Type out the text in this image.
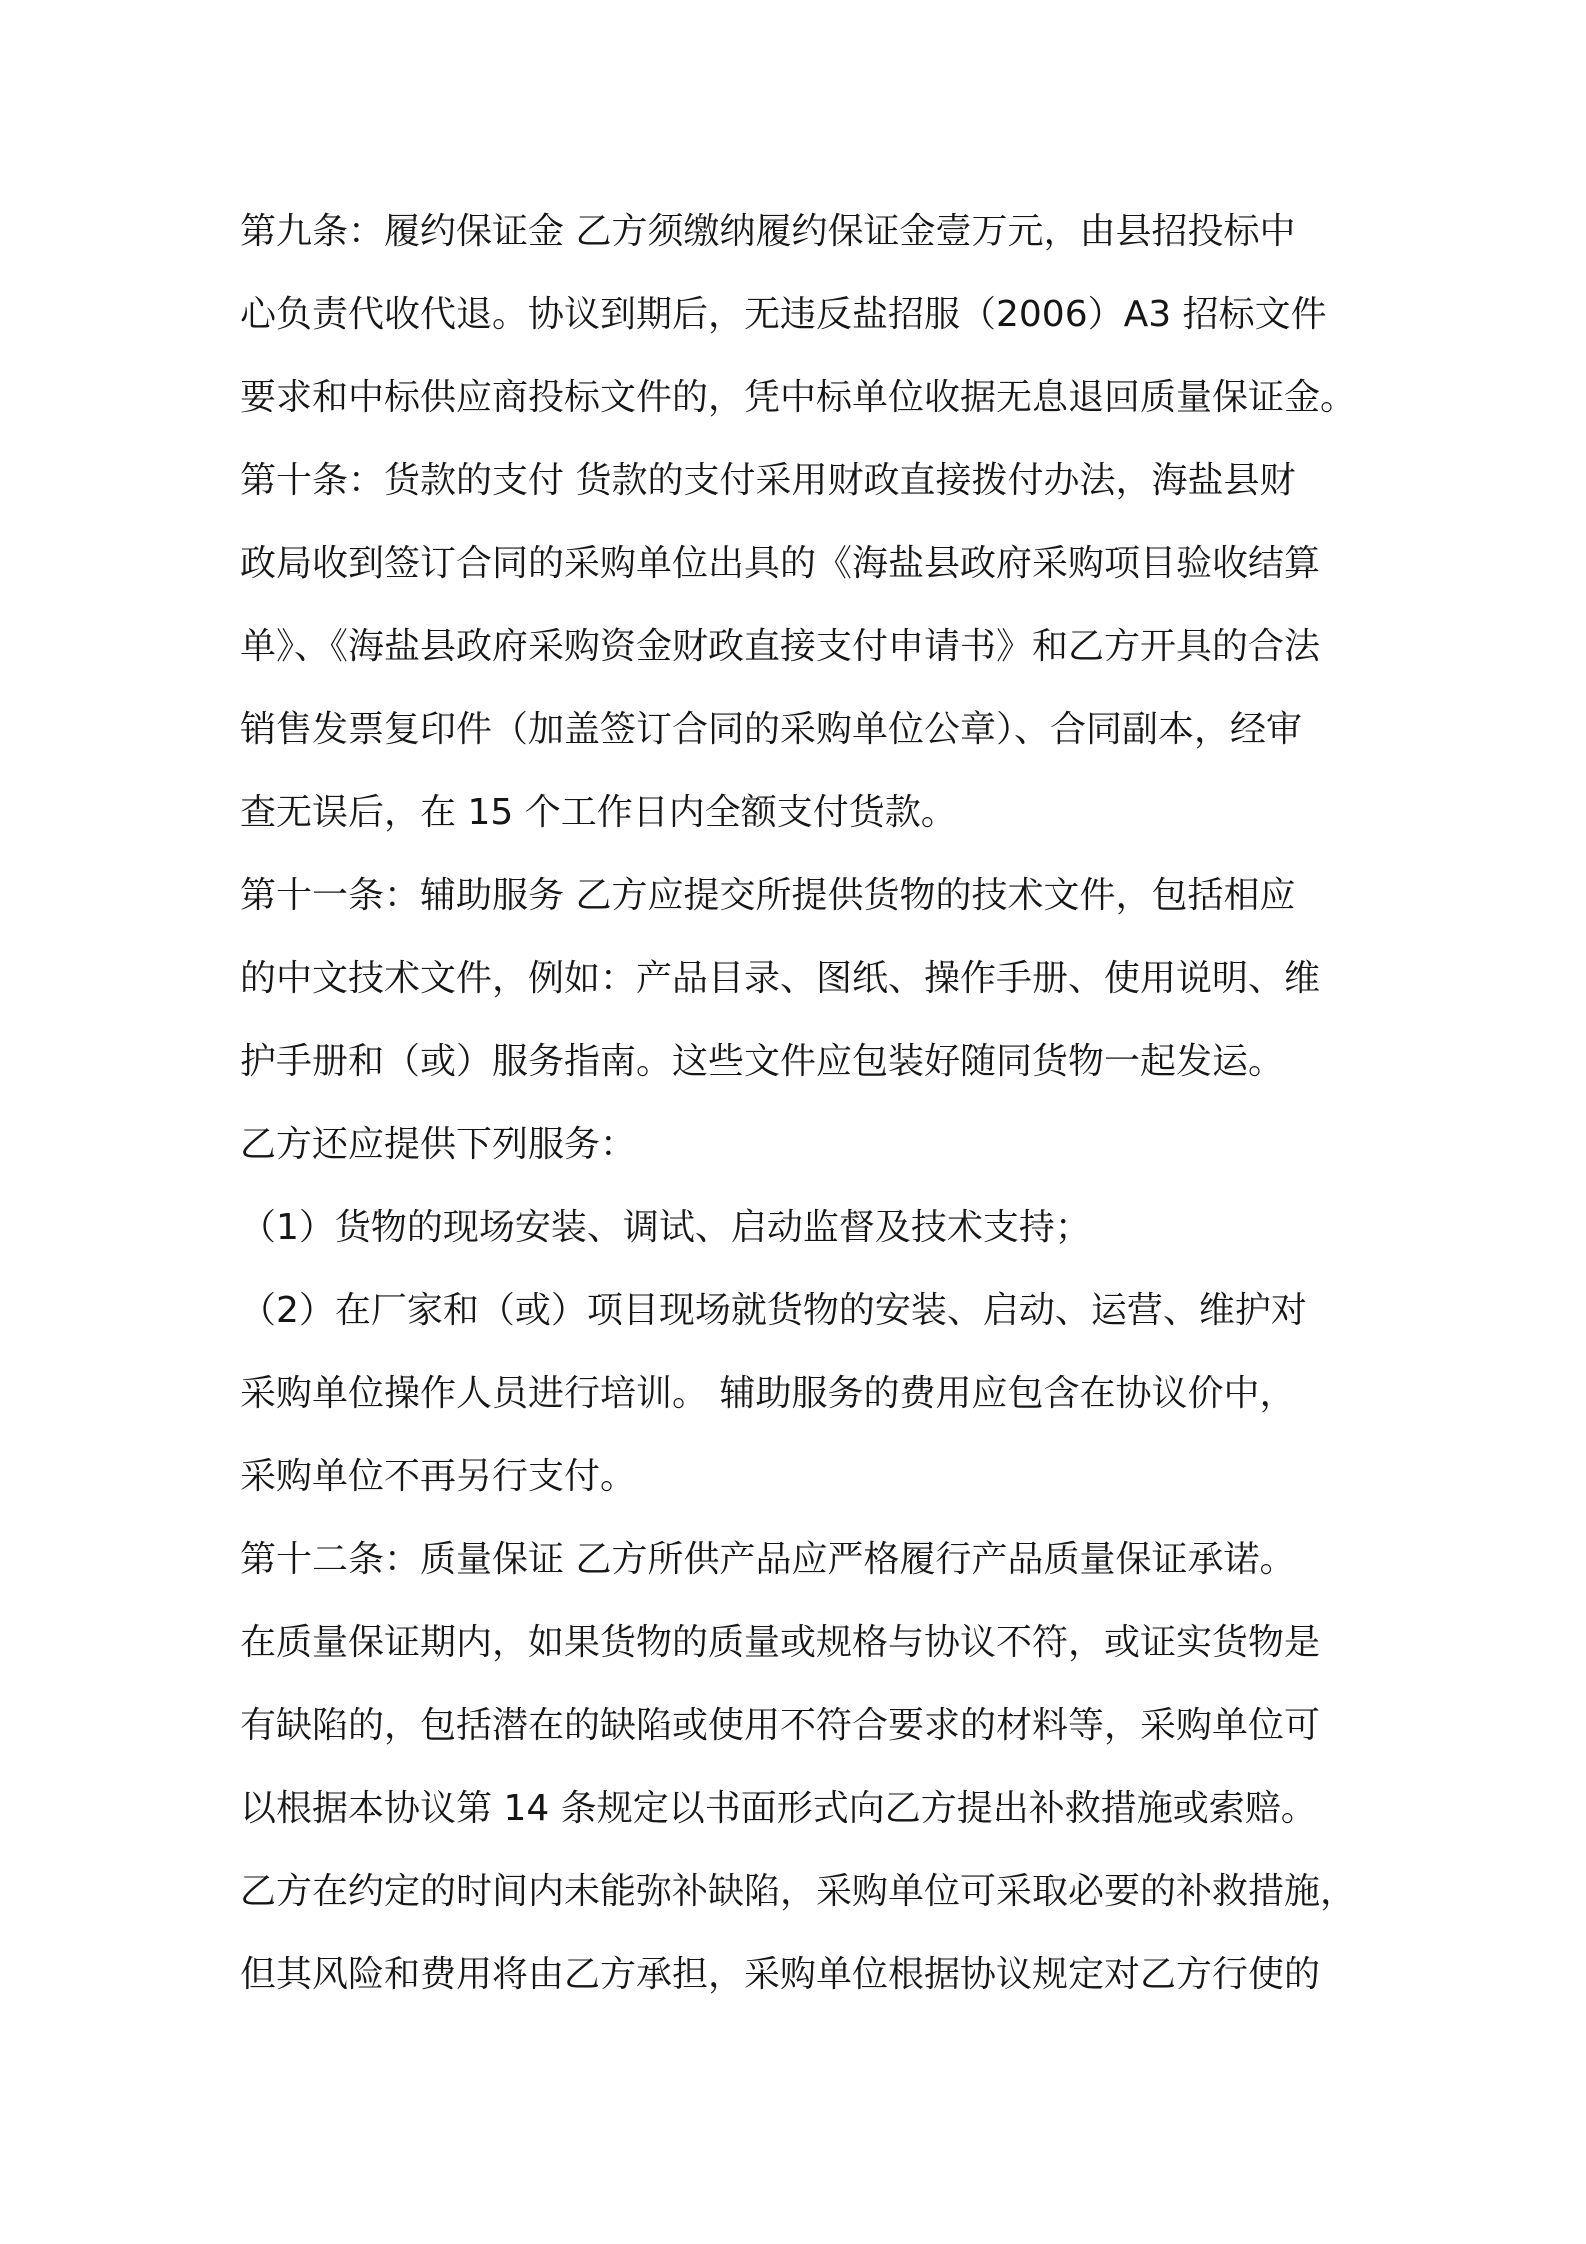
第九条：履约保证金 乙方须缴纳履约保证金壹万元，由县招投标中
心负责代收代退。协议到期后，无违反盐招服（2006）A3 招标文件
要求和中标供应商投标文件的，凭中标单位收据无息退回质量保证金。
第十条：货款的支付 货款的支付采用财政直接拨付办法，海盐县财
政局收到签订合同的采购单位出具的《海盐县政府采购项目验收结算
单》、《海盐县政府采购资金财政直接支付申请书》和乙方开具的合法
销售发票复印件（加盖签订合同的采购单位公章）、合同副本，经审
查无误后，在 15 个工作日内全额支付货款。
第十一条：辅助服务 乙方应提交所提供货物的技术文件，包括相应
的中文技术文件，例如：产品目录、图纸、操作手册、使用说明、维
护手册和（或）服务指南。这些文件应包装好随同货物一起发运。
乙方还应提供下列服务：
（1）货物的现场安装、调试、启动监督及技术支持；
（2）在厂家和（或）项目现场就货物的安装、启动、运营、维护对
采购单位操作人员进行培训。 辅助服务的费用应包含在协议价中，
采购单位不再另行支付。
第十二条：质量保证 乙方所供产品应严格履行产品质量保证承诺。
在质量保证期内，如果货物的质量或规格与协议不符，或证实货物是
有缺陷的，包括潜在的缺陷或使用不符合要求的材料等，采购单位可
以根据本协议第 14 条规定以书面形式向乙方提出补救措施或索赔。
乙方在约定的时间内未能弥补缺陷，采购单位可采取必要的补救措施，
但其风险和费用将由乙方承担，采购单位根据协议规定对乙方行使的
